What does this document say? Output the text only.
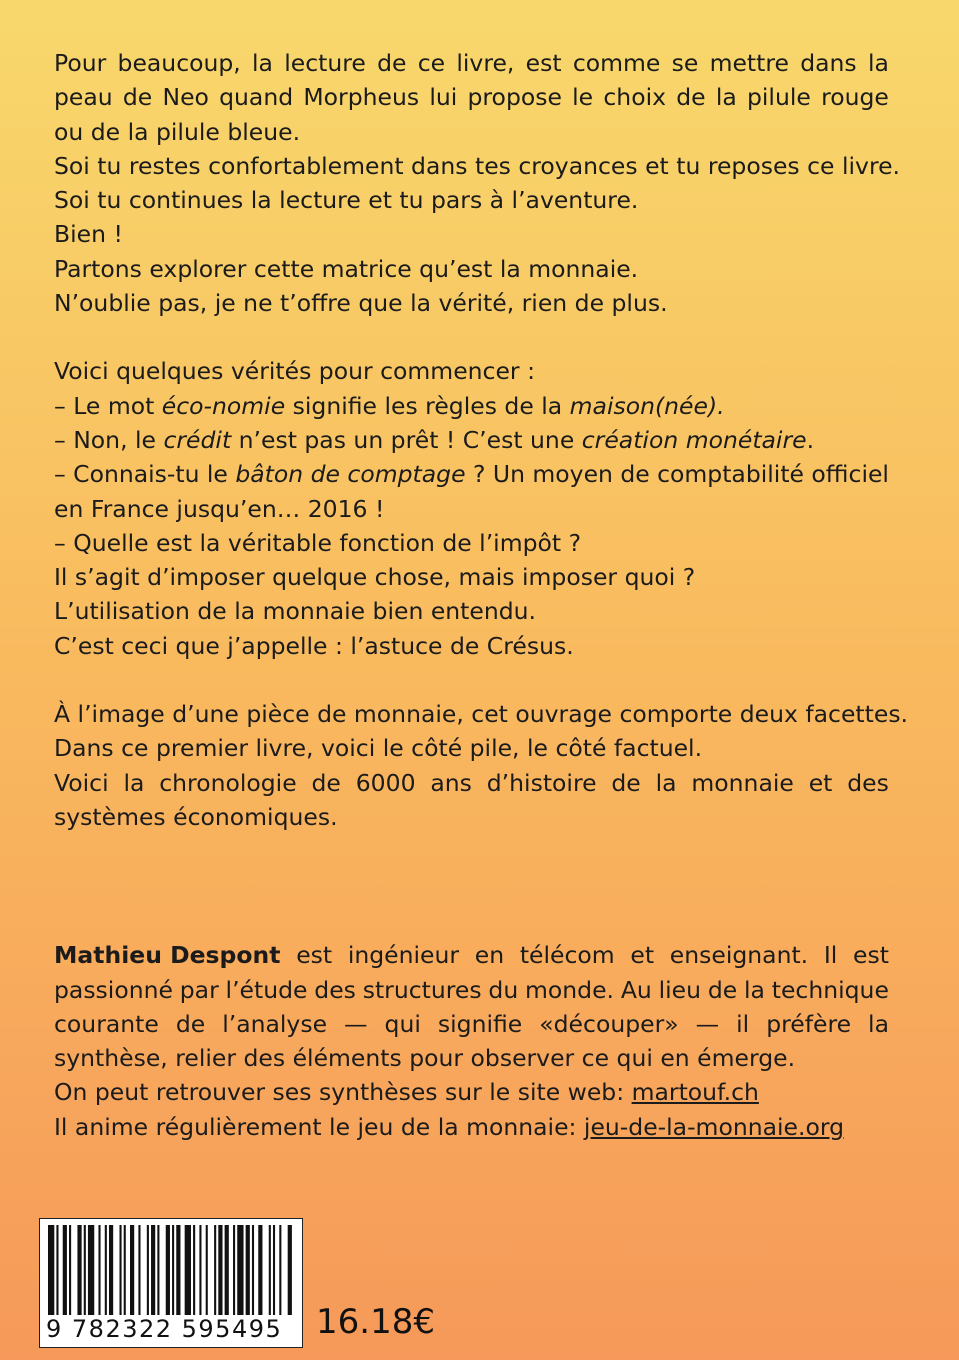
Pour beaucoup, la lecture de ce livre, est comme se mettre dans la
peau de Neo quand Morpheus lui propose le choix de la pilule rouge
ou de la pilule bleue.
Soi tu restes confortablement dans tes croyances et tu reposes ce livre.
Soi tu continues la lecture et tu pars à l’aventure.
Bien !
Partons explorer cette matrice qu’est la monnaie.
N’oublie pas, je ne t’offre que la vérité, rien de plus.
Voici quelques vérités pour commencer :
– Le mot éco-nomie signifie les règles de la maison(née).
– Non, le crédit n’est pas un prêt ! C’est une création monétaire.
– Connais-tu le bâton de comptage ? Un moyen de comptabilité officiel
en France jusqu’en… 2016 !
– Quelle est la véritable fonction de l’impôt ?
Il s’agit d’imposer quelque chose, mais imposer quoi ?
L’utilisation de la monnaie bien entendu.
C’est ceci que j’appelle : l’astuce de Crésus.
À l’image d’une pièce de monnaie, cet ouvrage comporte deux facettes.
Dans ce premier livre, voici le côté pile, le côté factuel.
Voici la chronologie de 6000 ans d’histoire de la monnaie et des
systèmes économiques.
Mathieu Despont est ingénieur en télécom et enseignant. Il est
passionné par l’étude des structures du monde. Au lieu de la technique
courante de l’analyse — qui signifie «découper» — il préfère la
synthèse, relier des éléments pour observer ce qui en émerge.
On peut retrouver ses synthèses sur le site web: martouf.ch
Il anime régulièrement le jeu de la monnaie: jeu-de-la-monnaie.org
9 782322 595495 16.18€
